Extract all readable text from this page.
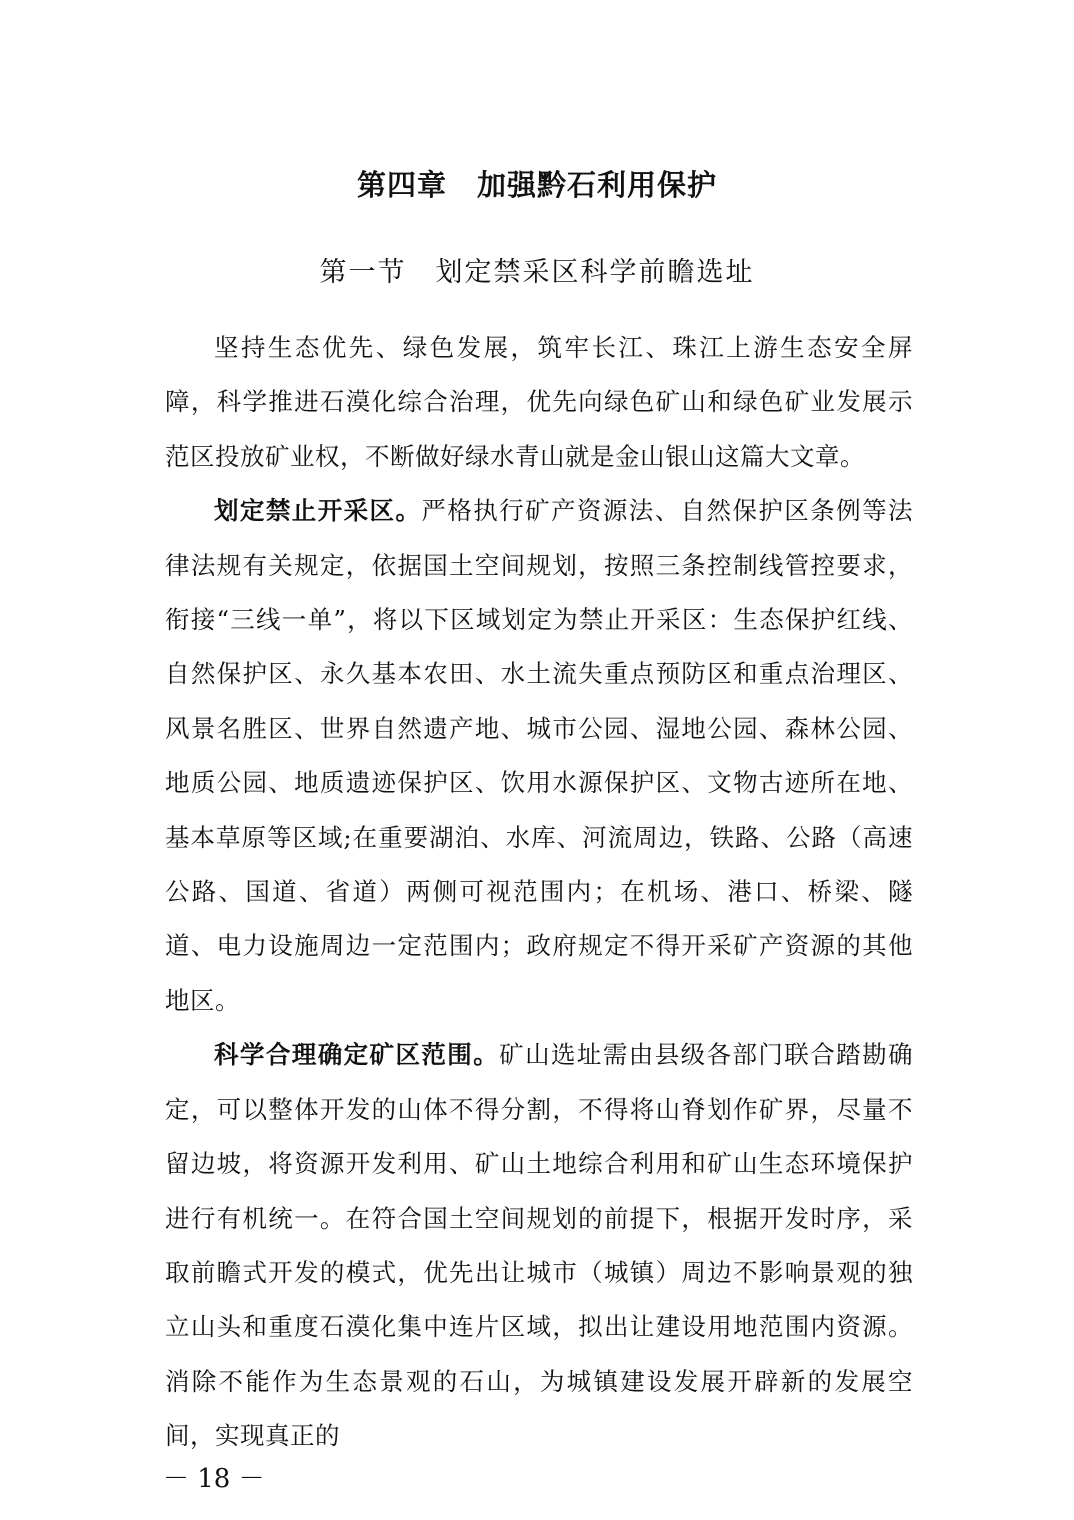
第四章　加强黔石利用保护
第一节　划定禁采区科学前瞻选址

坚持生态优先、绿色发展，筑牢长江、珠江上游生态安全屏障，科学推进石漠化综合治理，优先向绿色矿山和绿色矿业发展示范区投放矿业权，不断做好绿水青山就是金山银山这篇大文章。

划定禁止开采区。严格执行矿产资源法、自然保护区条例等法律法规有关规定，依据国土空间规划，按照三条控制线管控要求，衔接“三线一单”，将以下区域划定为禁止开采区：生态保护红线、自然保护区、永久基本农田、水土流失重点预防区和重点治理区、风景名胜区、世界自然遗产地、城市公园、湿地公园、森林公园、地质公园、地质遗迹保护区、饮用水源保护区、文物古迹所在地、基本草原等区域;在重要湖泊、水库、河流周边，铁路、公路（高速公路、国道、省道）两侧可视范围内；在机场、港口、桥梁、隧道、电力设施周边一定范围内；政府规定不得开采矿产资源的其他地区。

科学合理确定矿区范围。矿山选址需由县级各部门联合踏勘确定，可以整体开发的山体不得分割，不得将山脊划作矿界，尽量不留边坡，将资源开发利用、矿山土地综合利用和矿山生态环境保护进行有机统一。在符合国土空间规划的前提下，根据开发时序，采取前瞻式开发的模式，优先出让城市（城镇）周边不影响景观的独立山头和重度石漠化集中连片区域，拟出让建设用地范围内资源。消除不能作为生态景观的石山，为城镇建设发展开辟新的发展空间，实现真正的

－ 18 －
